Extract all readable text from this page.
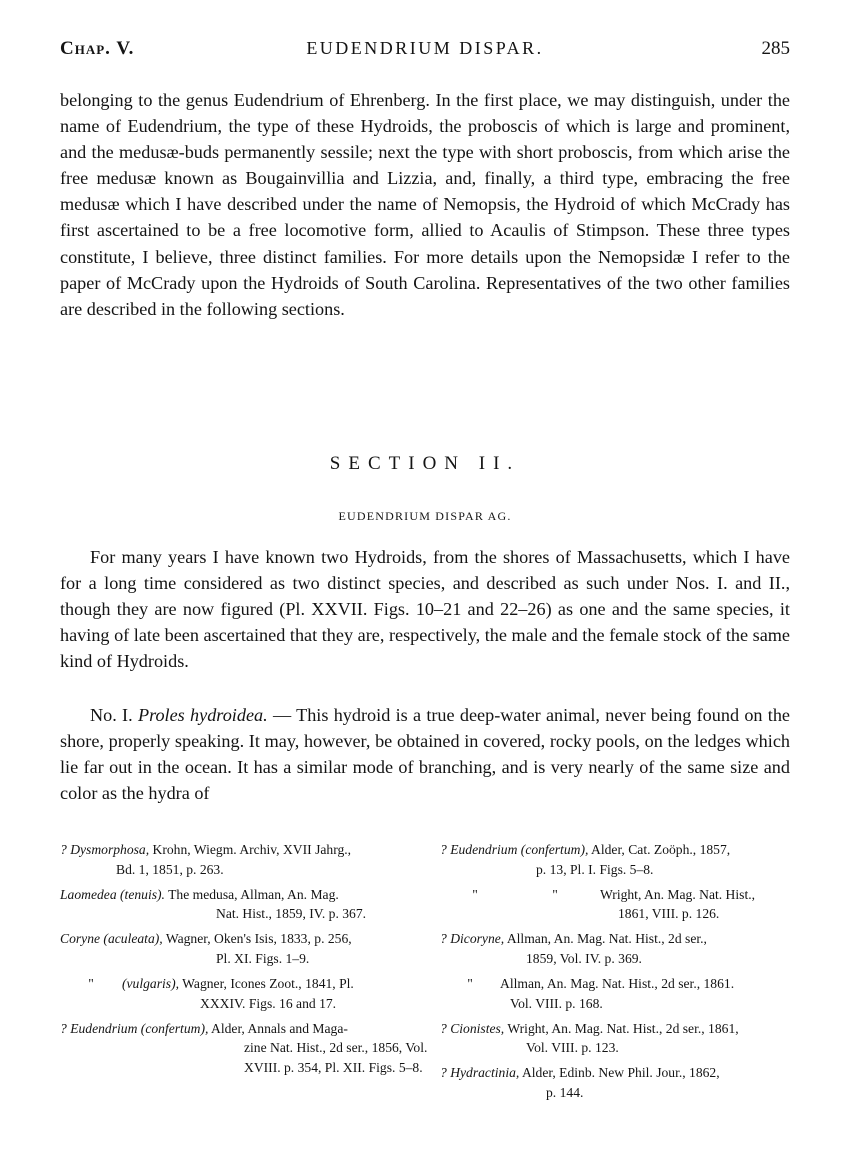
Chap. V.	EUDENDRIUM DISPAR.	285

belonging to the genus Eudendrium of Ehrenberg. In the first place, we may distinguish, under the name of Eudendrium, the type of these Hydroids, the proboscis of which is large and prominent, and the medusæ-buds permanently sessile; next the type with short proboscis, from which arise the free medusæ known as Bougainvillia and Lizzia, and, finally, a third type, embracing the free medusæ which I have described under the name of Nemopsis, the Hydroid of which McCrady has first ascertained to be a free locomotive form, allied to Acaulis of Stimpson. These three types constitute, I believe, three distinct families. For more details upon the Nemopsidæ I refer to the paper of McCrady upon the Hydroids of South Carolina. Representatives of the two other families are described in the following sections.

SECTION II.
EUDENDRIUM DISPAR AG.

For many years I have known two Hydroids, from the shores of Massachusetts, which I have for a long time considered as two distinct species, and described as such under Nos. I. and II., though they are now figured (Pl. XXVII. Figs. 10–21 and 22–26) as one and the same species, it having of late been ascertained that they are, respectively, the male and the female stock of the same kind of Hydroids.

No. I. Proles hydroidea. — This hydroid is a true deep-water animal, never being found on the shore, properly speaking. It may, however, be obtained in covered, rocky pools, on the ledges which lie far out in the ocean. It has a similar mode of branching, and is very nearly of the same size and color as the hydra of

? Dysmorphosa, Krohn, Wiegm. Archiv, XVII Jahrg.,
Bd. 1, 1851, p. 263.
Laomedea (tenuis). The medusa, Allman, An. Mag.
Nat. Hist., 1859, IV. p. 367.
Coryne (aculeata), Wagner, Oken's Isis, 1833, p. 256,
Pl. XI. Figs. 1–9.
" (vulgaris), Wagner, Icones Zoot., 1841, Pl.
XXXIV. Figs. 16 and 17.
? Eudendrium (confertum), Alder, Annals and Maga-
zine Nat. Hist., 2d ser., 1856, Vol. XVIII. p. 354, Pl. XII. Figs. 5–8.
? Eudendrium (confertum), Alder, Cat. Zoöph., 1857,
p. 13, Pl. I. Figs. 5–8.
"	"	Wright, An. Mag. Nat. Hist.,
1861, VIII. p. 126.
? Dicoryne, Allman, An. Mag. Nat. Hist., 2d ser.,
1859, Vol. IV. p. 369.
" Allman, An. Mag. Nat. Hist., 2d ser., 1861.
Vol. VIII. p. 168.
? Cionistes, Wright, An. Mag. Nat. Hist., 2d ser., 1861,
Vol. VIII. p. 123.
? Hydractinia, Alder, Edinb. New Phil. Jour., 1862,
p. 144.
